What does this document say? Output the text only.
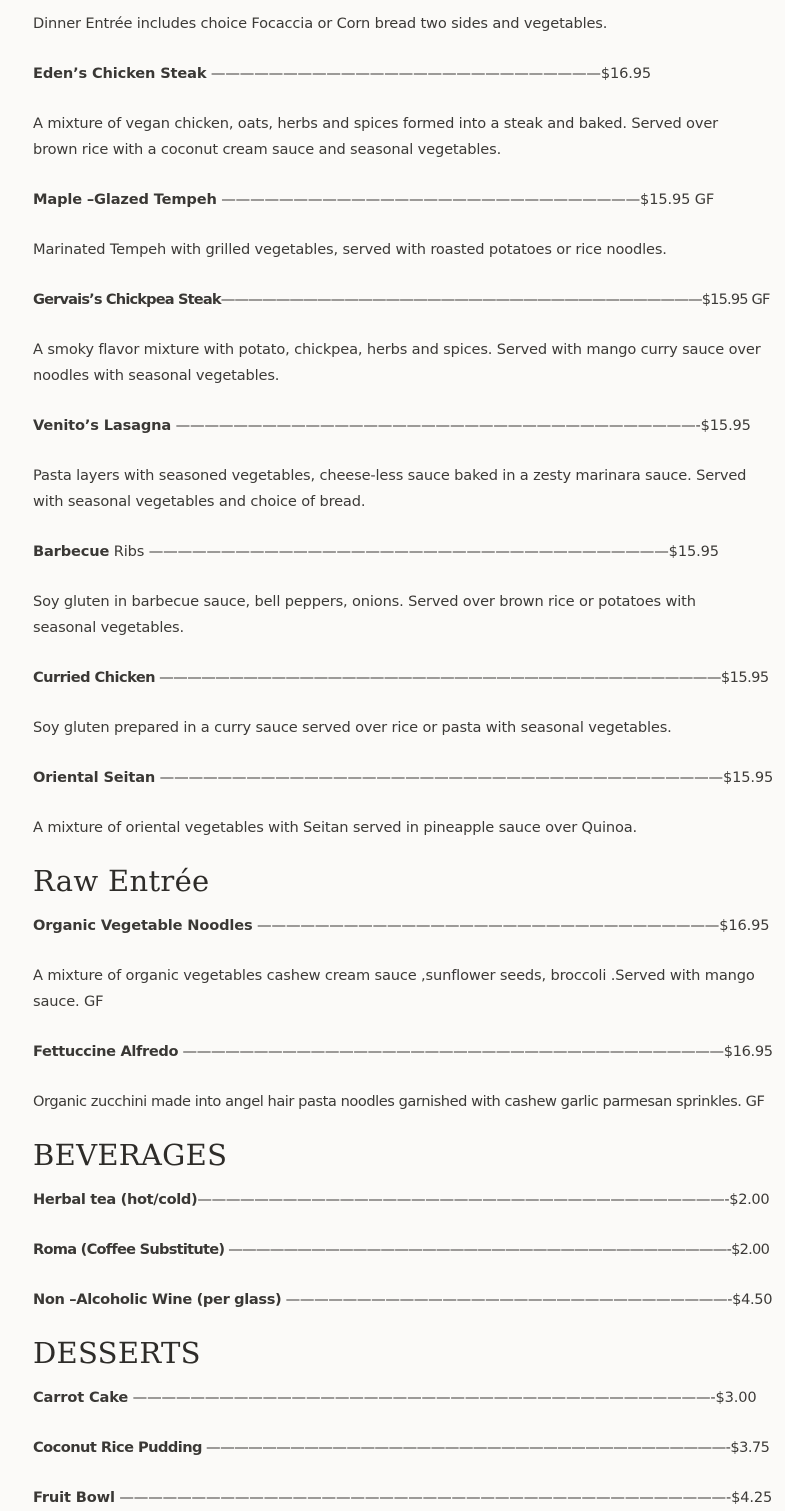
Dinner Entrée includes choice Focaccia or Corn bread two sides and vegetables.
Eden’s Chicken Steak ———————————————————————————$16.95
A mixture of vegan chicken, oats, herbs and spices formed into a steak and baked. Served over brown rice with a coconut cream sauce and seasonal vegetables.
Maple –Glazed Tempeh —————————————————————————————$15.95 GF
Marinated Tempeh with grilled vegetables, served with roasted potatoes or rice noodles.
Gervais’s Chickpea Steak———————————————————————————————————$15.95 GF
A smoky flavor mixture with potato, chickpea, herbs and spices. Served with mango curry sauce over noodles with seasonal vegetables.
Venito’s Lasagna ————————————————————————————————————-$15.95
Pasta layers with seasoned vegetables, cheese-less sauce baked in a zesty marinara sauce. Served with seasonal vegetables and choice of bread.
Barbecue Ribs ————————————————————————————————————$15.95
Soy gluten in barbecue sauce, bell peppers, onions. Served over brown rice or potatoes with seasonal vegetables.
Curried Chicken ————————————————————————————————————————$15.95
Soy gluten prepared in a curry sauce served over rice or pasta with seasonal vegetables.
Oriental Seitan ———————————————————————————————————————$15.95
A mixture of oriental vegetables with Seitan served in pineapple sauce over Quinoa.
Raw Entrée
Organic Vegetable Noodles ————————————————————————————————$16.95
A mixture of organic vegetables cashew cream sauce ,sunflower seeds, broccoli .Served with mango sauce. GF
Fettuccine Alfredo ——————————————————————————————————————$16.95
Organic zucchini made into angel hair pasta noodles garnished with cashew garlic parmesan sprinkles. GF
BEVERAGES
Herbal tea (hot/cold)—————————————————————————————————————-$2.00
Roma (Coffee Substitute) ————————————————————————————————————-$2.00
Non –Alcoholic Wine (per glass) ———————————————————————————————-$4.50
DESSERTS
Carrot Cake ————————————————————————————————————————-$3.00
Coconut Rice Pudding —————————————————————————————————————-$3.75
Fruit Bowl ——————————————————————————————————————————-$4.25
